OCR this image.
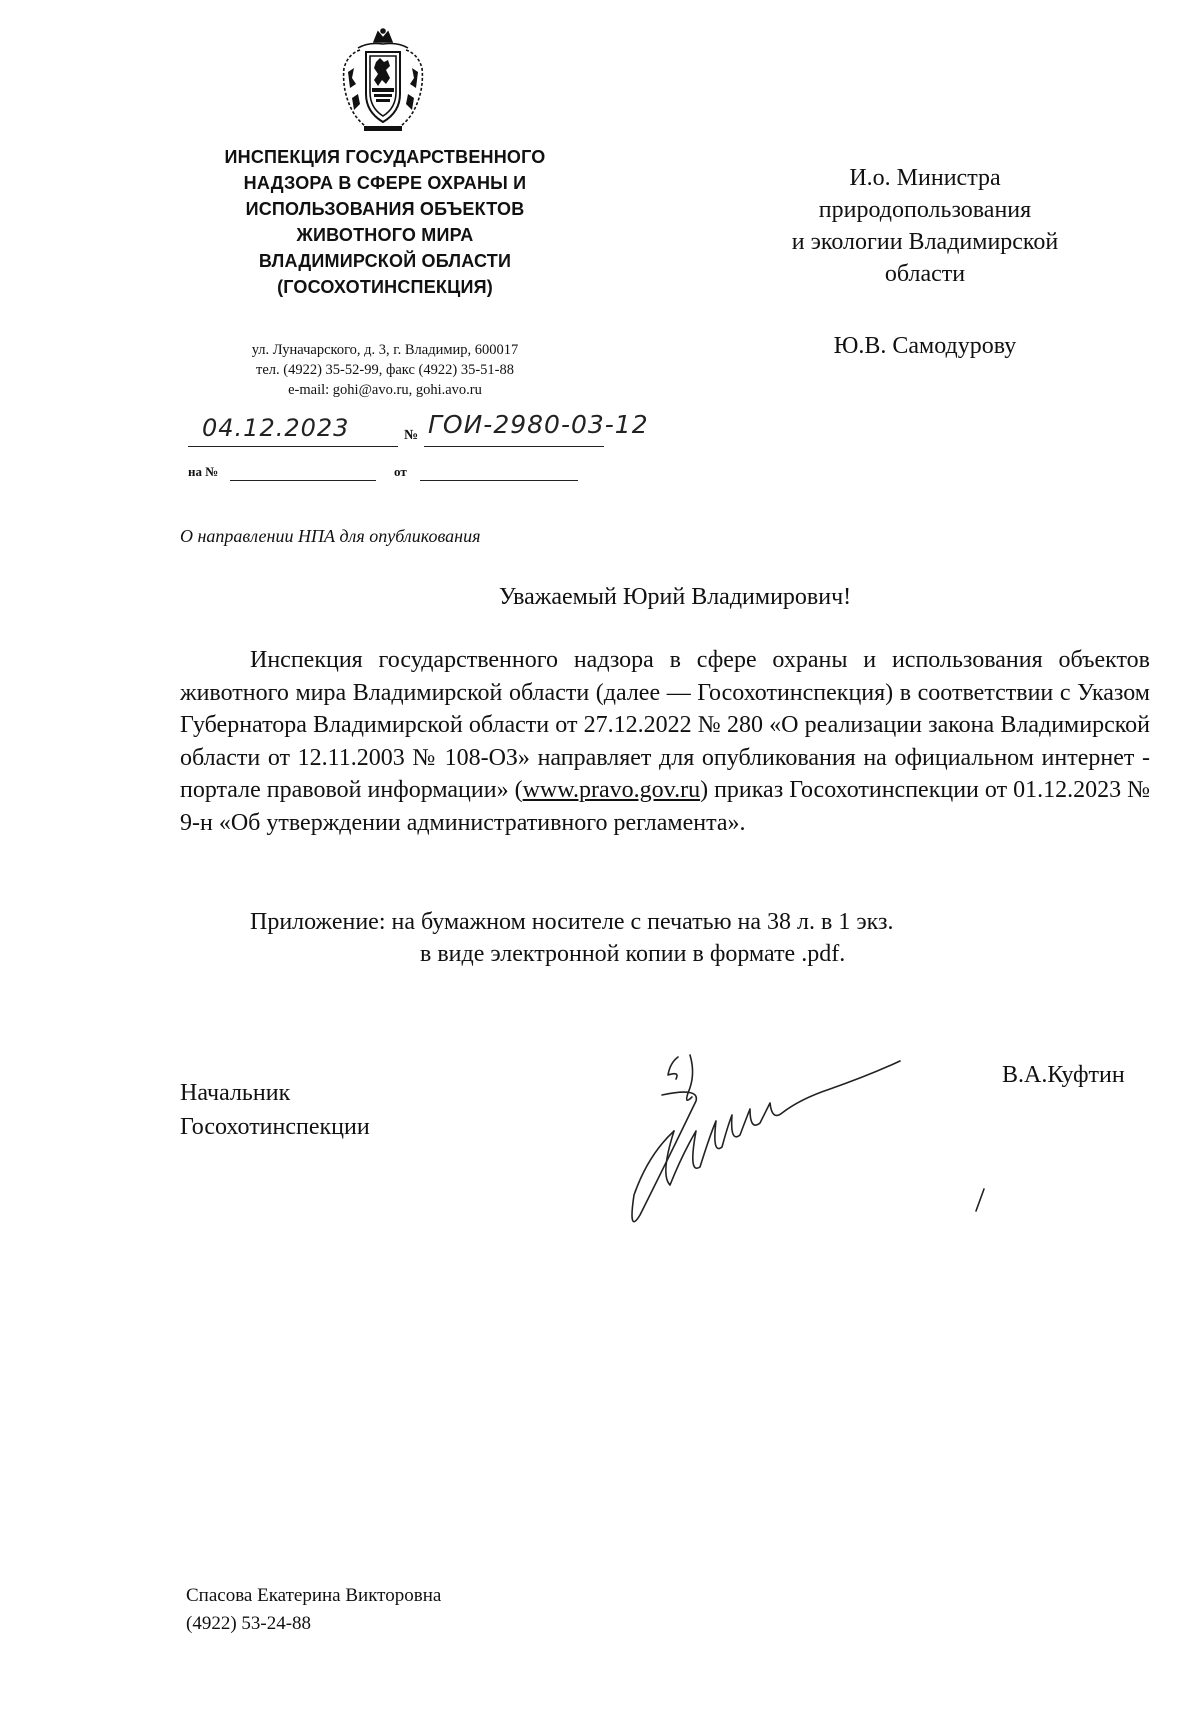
ИНСПЕКЦИЯ ГОСУДАРСТВЕННОГО
НАДЗОРА В СФЕРЕ ОХРАНЫ И
ИСПОЛЬЗОВАНИЯ ОБЪЕКТОВ
ЖИВОТНОГО МИРА
ВЛАДИМИРСКОЙ ОБЛАСТИ
(ГОСОХОТИНСПЕКЦИЯ)
ул. Луначарского, д. 3, г. Владимир, 600017
тел. (4922) 35-52-99, факс (4922) 35-51-88
e-mail: gohi@avo.ru, gohi.avo.ru
04.12.2023	№ ГОИ-2980-03-12
на №	от
И.о. Министра
природопользования
и экологии Владимирской
области
Ю.В. Самодурову
О направлении НПА для опубликования
Уважаемый Юрий Владимирович!
Инспекция государственного надзора в сфере охраны и использования объектов животного мира Владимирской области (далее — Госохотинспекция) в соответствии с Указом Губернатора Владимирской области от 27.12.2022 № 280 «О реализации закона Владимирской области от 12.11.2003 № 108-ОЗ» направляет для опубликования на официальном интернет - портале правовой информации» (www.pravo.gov.ru) приказ Госохотинспекции от 01.12.2023 № 9-н «Об утверждении административного регламента».
Приложение: на бумажном носителе с печатью на 38 л. в 1 экз.
в виде электронной копии в формате .pdf.
Начальник
Госохотинспекции
В.А.Куфтин
Спасова Екатерина Викторовна
(4922) 53-24-88
